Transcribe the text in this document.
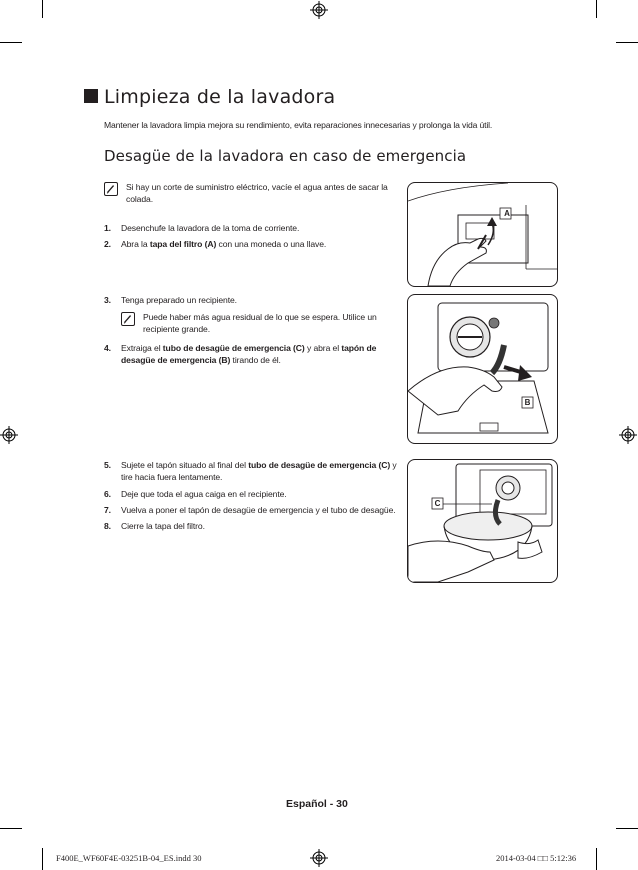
Limpieza de la lavadora
Mantener la lavadora limpia mejora su rendimiento, evita reparaciones innecesarias y prolonga la vida útil.
Desagüe de la lavadora en caso de emergencia
Si hay un corte de suministro eléctrico, vacíe el agua antes de sacar la colada.
1. Desenchufe la lavadora de la toma de corriente.
2. Abra la tapa del filtro (A) con una moneda o una llave.
3. Tenga preparado un recipiente.
Puede haber más agua residual de lo que se espera. Utilice un recipiente grande.
4. Extraiga el tubo de desagüe de emergencia (C) y abra el tapón de desagüe de emergencia (B) tirando de él.
5. Sujete el tapón situado al final del tubo de desagüe de emergencia (C) y tire hacia fuera lentamente.
6. Deje que toda el agua caiga en el recipiente.
7. Vuelva a poner el tapón de desagüe de emergencia y el tubo de desagüe.
8. Cierre la tapa del filtro.
A
B
C
Español - 30
F400E_WF60F4E-03251B-04_ES.indd 30	2014-03-04 □□ 5:12:36
